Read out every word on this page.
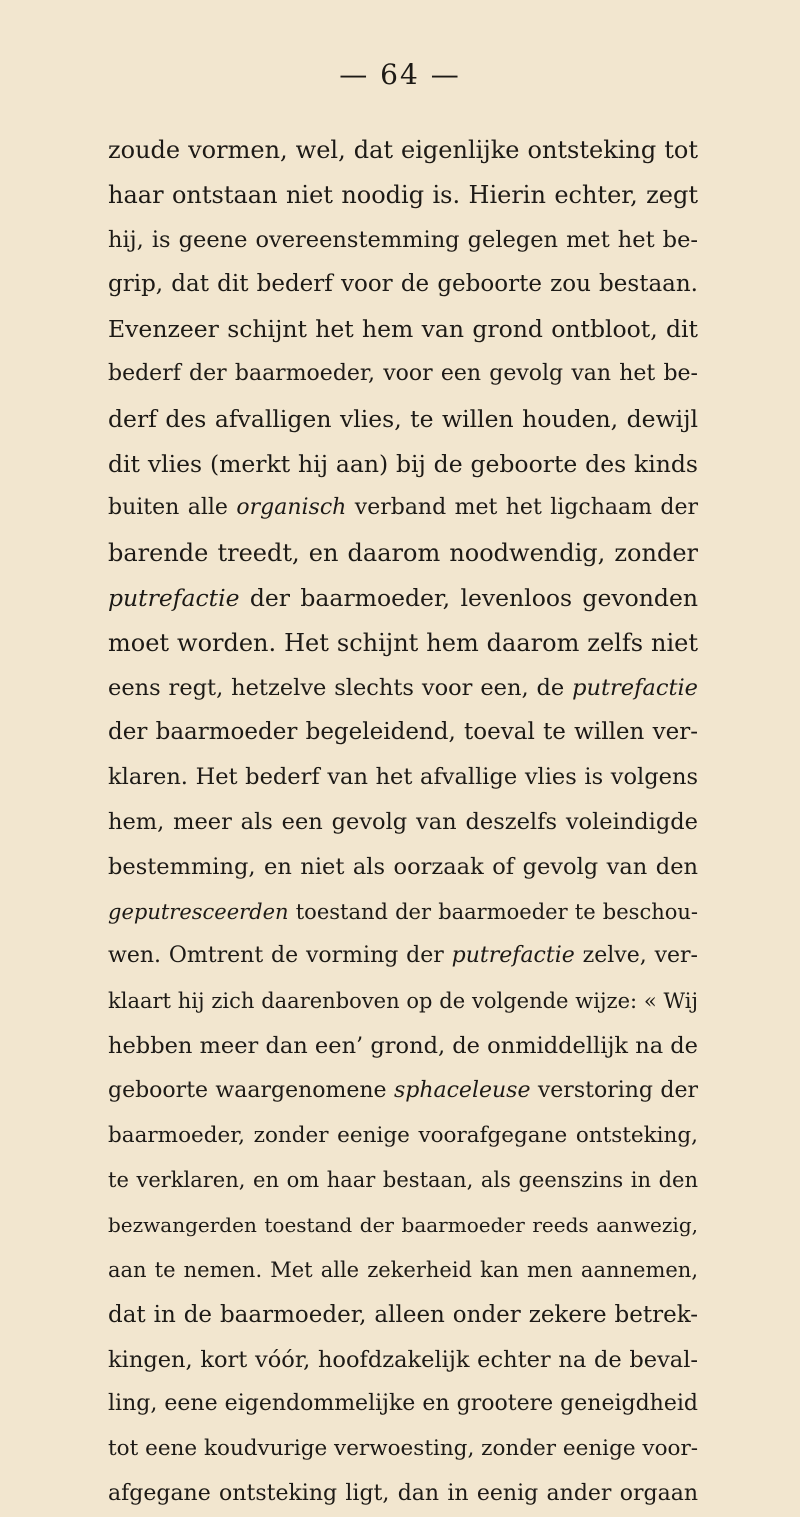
— 64 —
zoude vormen, wel, dat eigenlijke ontsteking tot
haar ontstaan niet noodig is. Hierin echter, zegt
hij, is geene overeenstemming gelegen met het be-
grip, dat dit bederf voor de geboorte zou bestaan.
Evenzeer schijnt het hem van grond ontbloot, dit
bederf der baarmoeder, voor een gevolg van het be-
derf des afvalligen vlies, te willen houden, dewijl
dit vlies (merkt hij aan) bij de geboorte des kinds
buiten alle organisch verband met het ligchaam der
barende treedt, en daarom noodwendig, zonder
putrefactie der baarmoeder, levenloos gevonden
moet worden. Het schijnt hem daarom zelfs niet
eens regt, hetzelve slechts voor een, de putrefactie
der baarmoeder begeleidend, toeval te willen ver-
klaren. Het bederf van het afvallige vlies is volgens
hem, meer als een gevolg van deszelfs voleindigde
bestemming, en niet als oorzaak of gevolg van den
geputresceerden toestand der baarmoeder te beschou-
wen. Omtrent de vorming der putrefactie zelve, ver-
klaart hij zich daarenboven op de volgende wijze: « Wij
hebben meer dan een’ grond, de onmiddellijk na de
geboorte waargenomene sphaceleuse verstoring der
baarmoeder, zonder eenige voorafgegane ontsteking,
te verklaren, en om haar bestaan, als geenszins in den
bezwangerden toestand der baarmoeder reeds aanwezig,
aan te nemen. Met alle zekerheid kan men aannemen,
dat in de baarmoeder, alleen onder zekere betrek-
kingen, kort vóór, hoofdzakelijk echter na de beval-
ling, eene eigendommelijke en grootere geneigdheid
tot eene koudvurige verwoesting, zonder eenige voor-
afgegane ontsteking ligt, dan in eenig ander orgaan
